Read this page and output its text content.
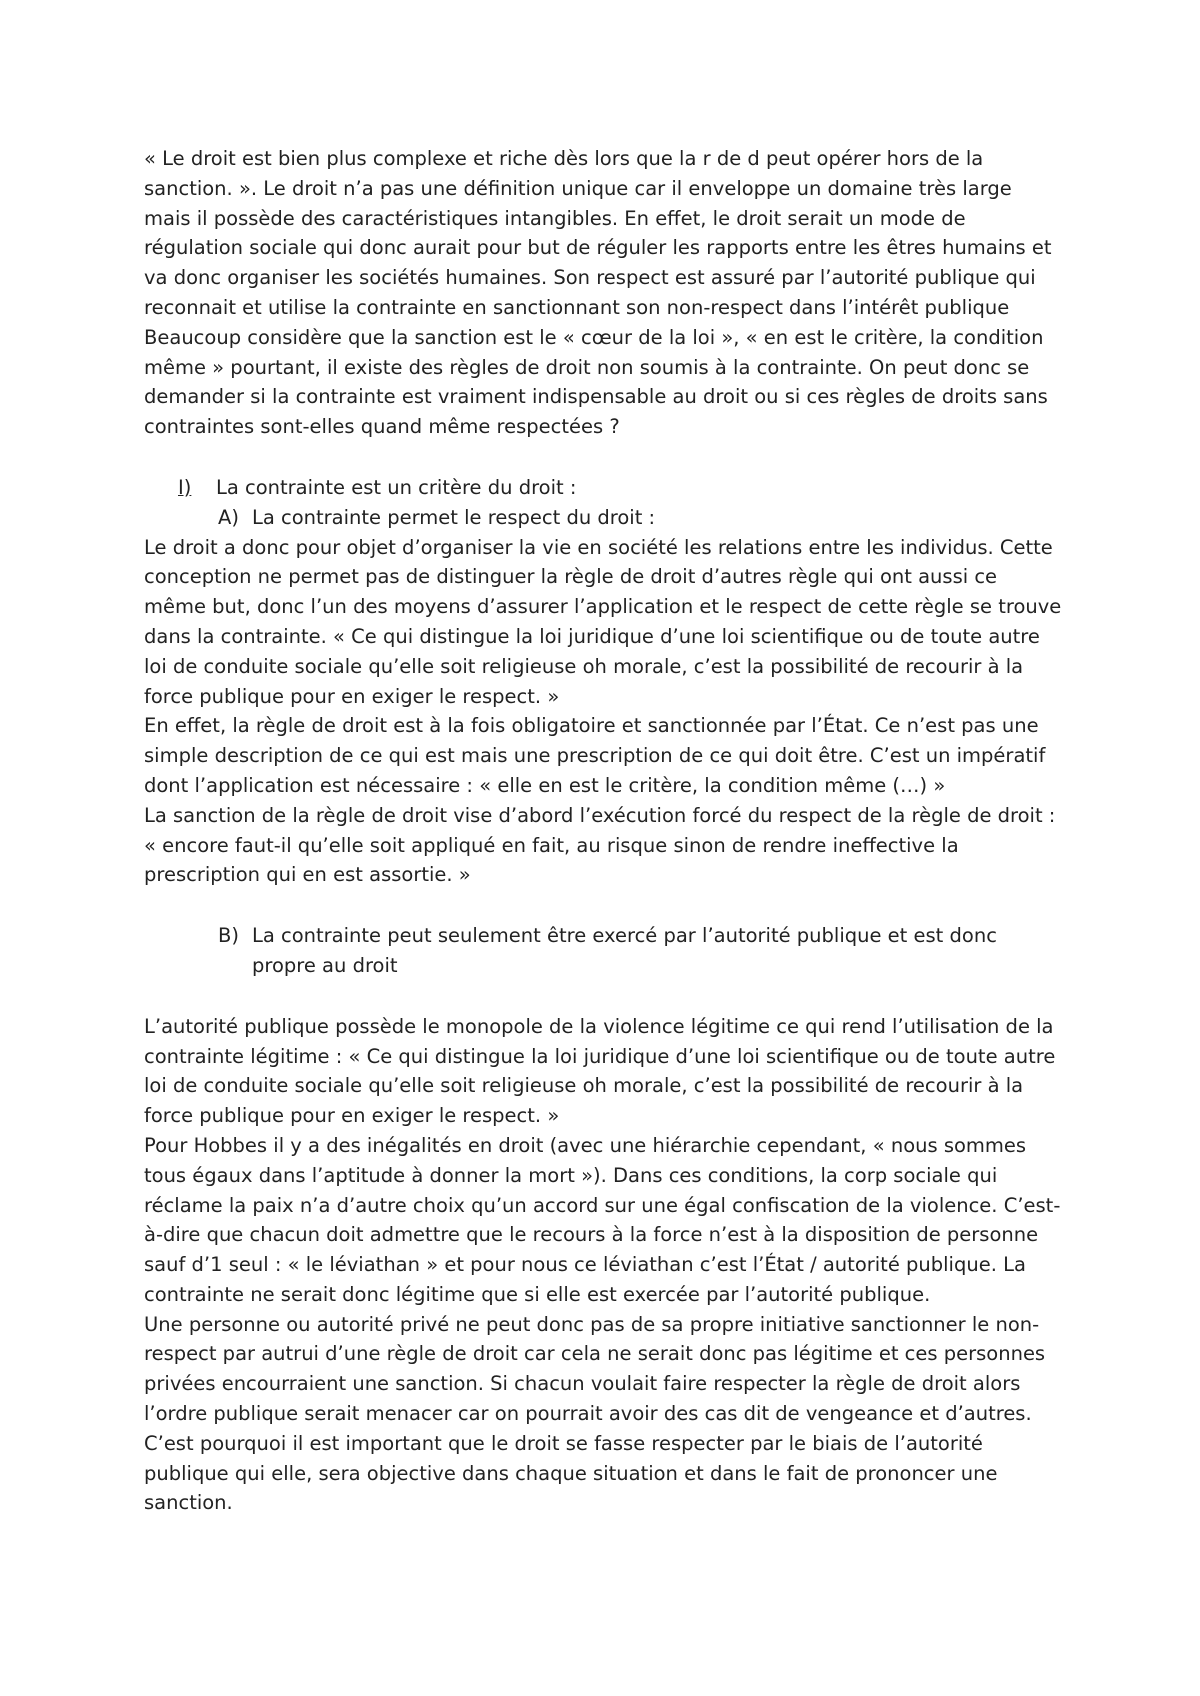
« Le droit est bien plus complexe et riche dès lors que la r de d peut opérer hors de la
sanction. ». Le droit n’a pas une définition unique car il enveloppe un domaine très large
mais il possède des caractéristiques intangibles. En effet, le droit serait un mode de
régulation sociale qui donc aurait pour but de réguler les rapports entre les êtres humains et
va donc organiser les sociétés humaines. Son respect est assuré par l’autorité publique qui
reconnait et utilise la contrainte en sanctionnant son non-respect dans l’intérêt publique
Beaucoup considère que la sanction est le « cœur de la loi », « en est le critère, la condition
même » pourtant, il existe des règles de droit non soumis à la contrainte. On peut donc se
demander si la contrainte est vraiment indispensable au droit ou si ces règles de droits sans
contraintes sont-elles quand même respectées ?
I) La contrainte est un critère du droit :
A) La contrainte permet le respect du droit :
Le droit a donc pour objet d’organiser la vie en société les relations entre les individus. Cette
conception ne permet pas de distinguer la règle de droit d’autres règle qui ont aussi ce
même but, donc l’un des moyens d’assurer l’application et le respect de cette règle se trouve
dans la contrainte. « Ce qui distingue la loi juridique d’une loi scientifique ou de toute autre
loi de conduite sociale qu’elle soit religieuse oh morale, c’est la possibilité de recourir à la
force publique pour en exiger le respect. »
En effet, la règle de droit est à la fois obligatoire et sanctionnée par l’État. Ce n’est pas une
simple description de ce qui est mais une prescription de ce qui doit être. C’est un impératif
dont l’application est nécessaire : « elle en est le critère, la condition même (…) »
La sanction de la règle de droit vise d’abord l’exécution forcé du respect de la règle de droit :
« encore faut-il qu’elle soit appliqué en fait, au risque sinon de rendre ineffective la
prescription qui en est assortie. »
B) La contrainte peut seulement être exercé par l’autorité publique et est donc
propre au droit
L’autorité publique possède le monopole de la violence légitime ce qui rend l’utilisation de la
contrainte légitime : « Ce qui distingue la loi juridique d’une loi scientifique ou de toute autre
loi de conduite sociale qu’elle soit religieuse oh morale, c’est la possibilité de recourir à la
force publique pour en exiger le respect. »
Pour Hobbes il y a des inégalités en droit (avec une hiérarchie cependant, « nous sommes
tous égaux dans l’aptitude à donner la mort »). Dans ces conditions, la corp sociale qui
réclame la paix n’a d’autre choix qu’un accord sur une égal confiscation de la violence. C’est-
à-dire que chacun doit admettre que le recours à la force n’est à la disposition de personne
sauf d’1 seul : « le léviathan » et pour nous ce léviathan c’est l’État / autorité publique. La
contrainte ne serait donc légitime que si elle est exercée par l’autorité publique.
Une personne ou autorité privé ne peut donc pas de sa propre initiative sanctionner le non-
respect par autrui d’une règle de droit car cela ne serait donc pas légitime et ces personnes
privées encourraient une sanction. Si chacun voulait faire respecter la règle de droit alors
l’ordre publique serait menacer car on pourrait avoir des cas dit de vengeance et d’autres.
C’est pourquoi il est important que le droit se fasse respecter par le biais de l’autorité
publique qui elle, sera objective dans chaque situation et dans le fait de prononcer une
sanction.
